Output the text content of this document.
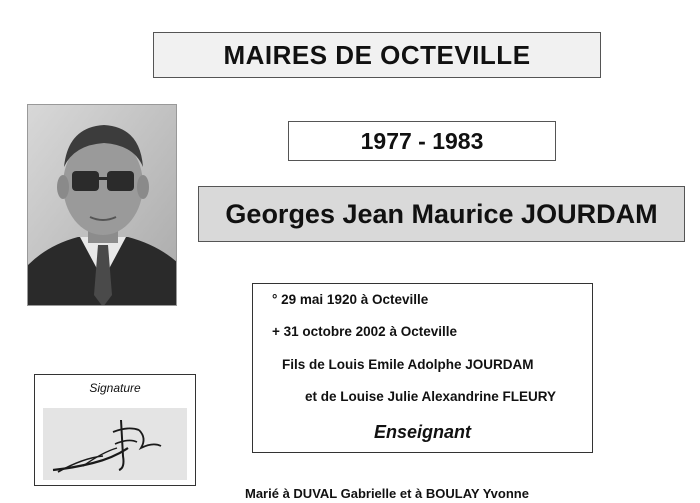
MAIRES DE OCTEVILLE
1977 - 1983
Georges Jean Maurice JOURDAM
° 29 mai 1920 à Octeville
+ 31 octobre 2002 à Octeville
Fils de Louis Emile Adolphe JOURDAM
et de Louise Julie Alexandrine FLEURY
Enseignant
Signature
Marié à DUVAL Gabrielle et à BOULAY Yvonne
